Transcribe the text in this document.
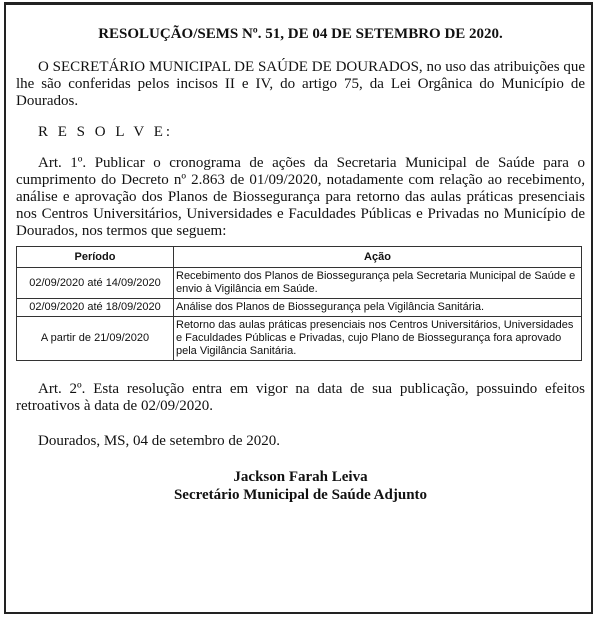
RESOLUÇÃO/SEMS Nº. 51, DE 04 DE SETEMBRO DE 2020.

O SECRETÁRIO MUNICIPAL DE SAÚDE DE DOURADOS, no uso das atribuições que lhe são conferidas pelos incisos II e IV, do artigo 75, da Lei Orgânica do Município de Dourados.

R E S O L V E:

Art. 1º. Publicar o cronograma de ações da Secretaria Municipal de Saúde para o cumprimento do Decreto nº 2.863 de 01/09/2020, notadamente com relação ao recebimento, análise e aprovação dos Planos de Biossegurança para retorno das aulas práticas presenciais nos Centros Universitários, Universidades e Faculdades Públicas e Privadas no Município de Dourados, nos termos que seguem:

Período	Ação
02/09/2020 até 14/09/2020	Recebimento dos Planos de Biossegurança pela Secretaria Municipal de Saúde e envio à Vigilância em Saúde.
02/09/2020 até 18/09/2020	Análise dos Planos de Biossegurança pela Vigilância Sanitária.
A partir de 21/09/2020	Retorno das aulas práticas presenciais nos Centros Universitários, Universidades e Faculdades Públicas e Privadas, cujo Plano de Biossegurança fora aprovado pela Vigilância Sanitária.

Art. 2º. Esta resolução entra em vigor na data de sua publicação, possuindo efeitos retroativos à data de 02/09/2020.

Dourados, MS, 04 de setembro de 2020.
Jackson Farah Leiva
Secretário Municipal de Saúde Adjunto
